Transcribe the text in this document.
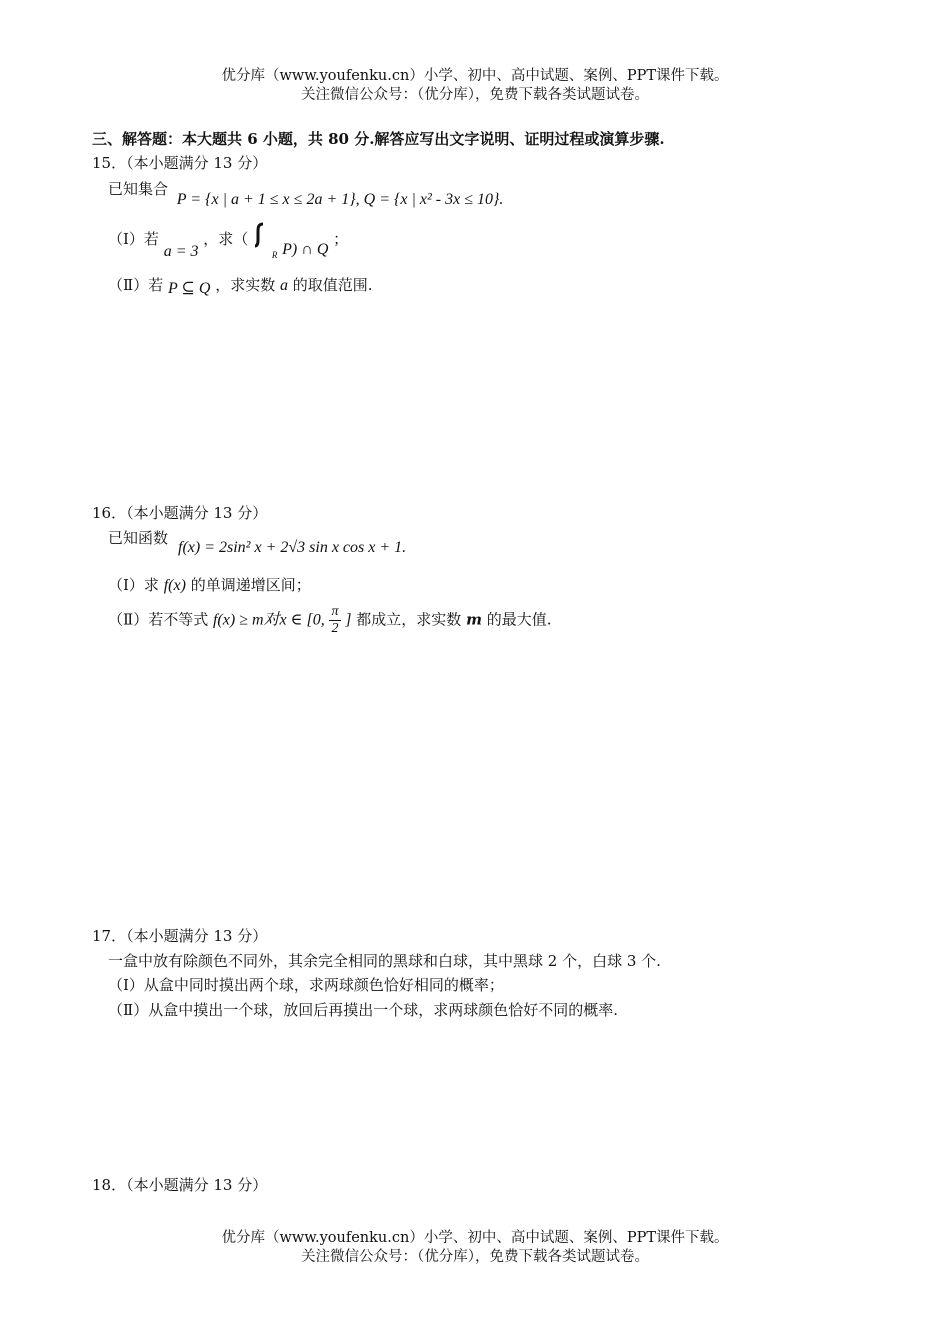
优分库（www.youfenku.cn）小学、初中、高中试题、案例、PPT课件下载。
关注微信公众号：（优分库），免费下载各类试题试卷。
三、解答题：本大题共 6 小题，共 80 分.解答应写出文字说明、证明过程或演算步骤.
15．（本小题满分 13 分）
已知集合 P = {x | a + 1 ≤ x ≤ 2a + 1}, Q = {x | x² - 3x ≤ 10}.
（Ⅰ）若 a = 3 ，求（
$_R$ P) ∩ Q ；
（Ⅱ）若 P ⊆ Q ，求实数 a 的取值范围.
16．（本小题满分 13 分）
已知函数
f(x) = 2sin² x + 2√3 sin x cos x + 1.
（Ⅰ）求 f(x) 的单调递增区间；
（Ⅱ）若不等式 f(x) ≥ m对x ∈ [0, $\frac{\pi}{2}$ ] 都成立，求实数 m 的最大值.
17．（本小题满分 13 分）
一盒中放有除颜色不同外，其余完全相同的黑球和白球，其中黑球 2 个，白球 3 个.
（Ⅰ）从盒中同时摸出两个球，求两球颜色恰好相同的概率；
（Ⅱ）从盒中摸出一个球，放回后再摸出一个球，求两球颜色恰好不同的概率.
18．（本小题满分 13 分）
优分库（www.youfenku.cn）小学、初中、高中试题、案例、PPT课件下载。
关注微信公众号：（优分库），免费下载各类试题试卷。
